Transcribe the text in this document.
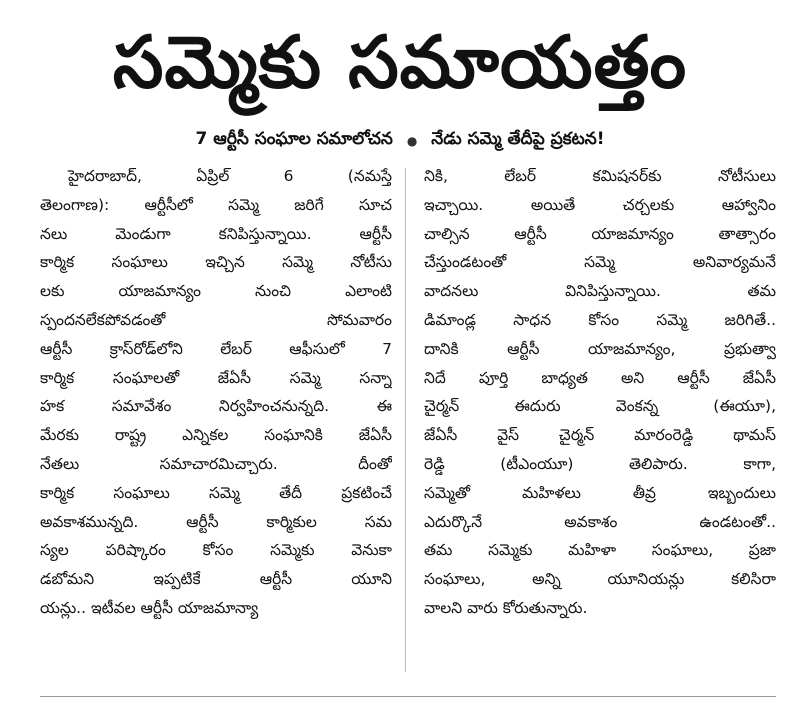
సమ్మెకు సమాయత్తం
7 ఆర్టీసీ సంఘాల సమాలోచన ● నేడు సమ్మె తేదీపై ప్రకటన!
హైదరాబాద్, ఏప్రిల్ 6 (నమస్తే
తెలంగాణ): ఆర్టీసీలో సమ్మె జరిగే సూచ
నలు మెండుగా కనిపిస్తున్నాయి. ఆర్టీసీ
కార్మిక సంఘాలు ఇచ్చిన సమ్మె నోటీసు
లకు యాజమాన్యం నుంచి ఎలాంటి
స్పందనలేకపోవడంతో సోమవారం
ఆర్టీసీ క్రాస్‌రోడ్‌లోని లేబర్ ఆఫీసులో 7
కార్మిక సంఘాలతో జేఏసీ సమ్మె సన్నా
హక సమావేశం నిర్వహించనున్నది. ఈ
మేరకు రాష్ట్ర ఎన్నికల సంఘానికి జేఏసీ
నేతలు సమాచారమిచ్చారు. దీంతో
కార్మిక సంఘాలు సమ్మె తేదీ ప్రకటించే
అవకాశమున్నది. ఆర్టీసీ కార్మికుల సమ
స్యల పరిష్కారం కోసం సమ్మెకు వెనుకా
డబోమని ఇప్పటికే ఆర్టీసీ యూని
యన్లు.. ఇటీవల ఆర్టీసీ యాజమాన్యా
నికి, లేబర్ కమిషనర్‌కు నోటీసులు
ఇచ్చాయి. అయితే చర్చలకు ఆహ్వానిం
చాల్సిన ఆర్టీసీ యాజమాన్యం తాత్సారం
చేస్తుండటంతో సమ్మె అనివార్యమనే
వాదనలు వినిపిస్తున్నాయి. తమ
డిమాండ్ల సాధన కోసం సమ్మె జరిగితే..
దానికి ఆర్టీసీ యాజమాన్యం, ప్రభుత్వా
నిదే పూర్తి బాధ్యత అని ఆర్టీసీ జేఏసీ
చైర్మన్ ఈదురు వెంకన్న (ఈయూ),
జేఏసీ వైస్ చైర్మన్ మారంరెడ్డి థామస్
రెడ్డి (టీఎంయూ) తెలిపారు. కాగా,
సమ్మెతో మహిళలు తీవ్ర ఇబ్బందులు
ఎదుర్కొనే అవకాశం ఉండటంతో..
తమ సమ్మెకు మహిళా సంఘాలు, ప్రజా
సంఘాలు, అన్ని యూనియన్లు కలిసిరా
వాలని వారు కోరుతున్నారు.
